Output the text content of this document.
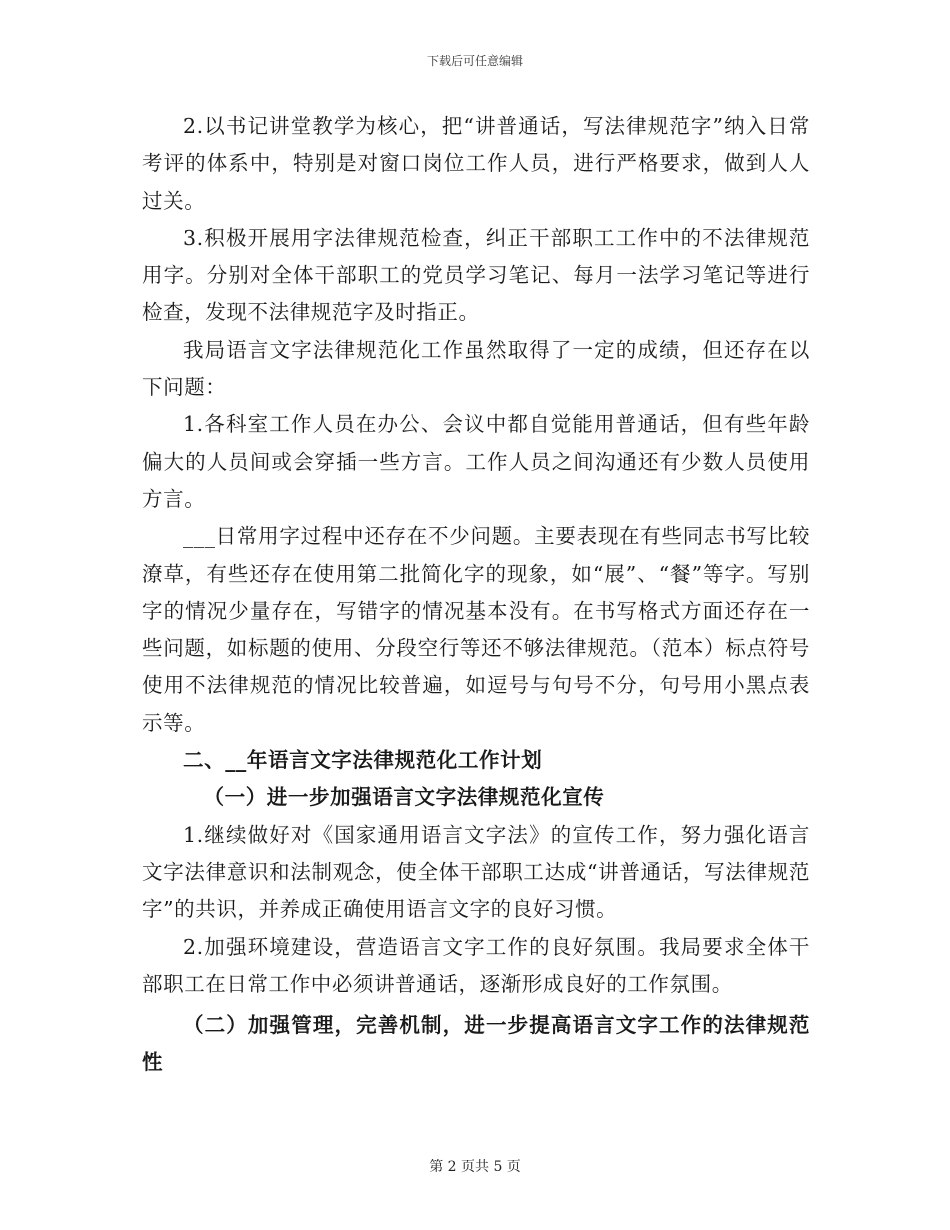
下载后可任意编辑

2.以书记讲堂教学为核心，把“讲普通话，写法律规范字”纳入日常考评的体系中，特别是对窗口岗位工作人员，进行严格要求，做到人人过关。

3.积极开展用字法律规范检查，纠正干部职工工作中的不法律规范用字。分别对全体干部职工的党员学习笔记、每月一法学习笔记等进行检查，发现不法律规范字及时指正。

我局语言文字法律规范化工作虽然取得了一定的成绩，但还存在以下问题：

1.各科室工作人员在办公、会议中都自觉能用普通话，但有些年龄偏大的人员间或会穿插一些方言。工作人员之间沟通还有少数人员使用方言。

___日常用字过程中还存在不少问题。主要表现在有些同志书写比较潦草，有些还存在使用第二批简化字的现象，如“展”、“餐”等字。写别字的情况少量存在，写错字的情况基本没有。在书写格式方面还存在一些问题，如标题的使用、分段空行等还不够法律规范。（范本）标点符号使用不法律规范的情况比较普遍，如逗号与句号不分，句号用小黑点表示等。

二、__年语言文字法律规范化工作计划

（一）进一步加强语言文字法律规范化宣传

1.继续做好对《国家通用语言文字法》的宣传工作，努力强化语言文字法律意识和法制观念，使全体干部职工达成“讲普通话，写法律规范字”的共识，并养成正确使用语言文字的良好习惯。

2.加强环境建设，营造语言文字工作的良好氛围。我局要求全体干部职工在日常工作中必须讲普通话，逐渐形成良好的工作氛围。

（二）加强管理，完善机制，进一步提高语言文字工作的法律规范性

第 2 页共 5 页
